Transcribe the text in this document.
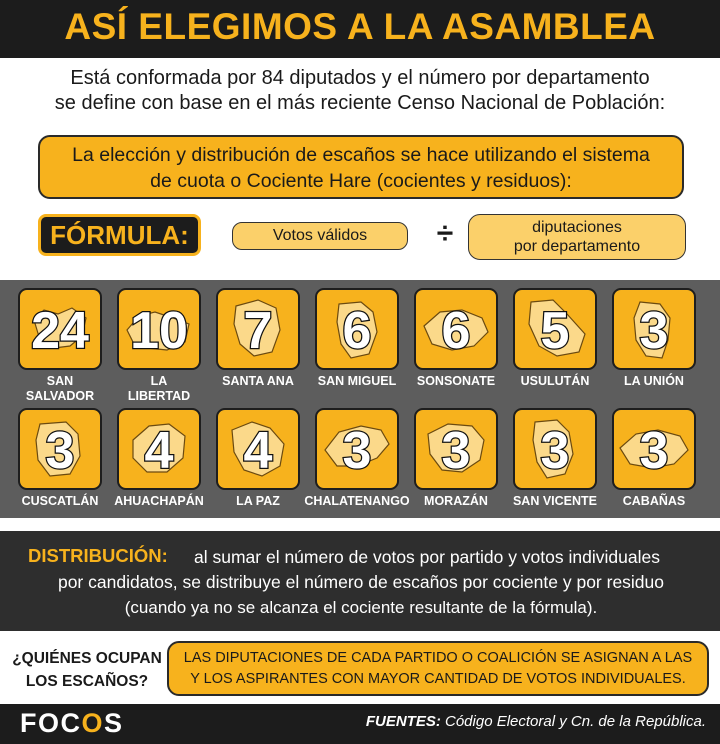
ASÍ ELEGIMOS A LA ASAMBLEA
Está conformada por 84 diputados y el número por departamento
se define con base en el más reciente Censo Nacional de Población:
La elección y distribución de escaños se hace utilizando el sistema
de cuota o Cociente Hare (cocientes y residuos):
FÓRMULA:	Votos válidos	÷	diputaciones
por departamento
24
SAN
SALVADOR
10
LA
LIBERTAD
7
SANTA ANA
6
SAN MIGUEL
6
SONSONATE
5
USULUTÁN
3
LA UNIÓN
3
CUSCATLÁN
4
AHUACHAPÁN
4
LA PAZ
3
CHALATENANGO
3
MORAZÁN
3
SAN VICENTE
3
CABAÑAS
DISTRIBUCIÓN: al sumar el número de votos por partido y votos individuales
por candidatos, se distribuye el número de escaños por cociente y por residuo
(cuando ya no se alcanza el cociente resultante de la fórmula).
¿QUIÉNES OCUPAN
LOS ESCAÑOS?
LAS DIPUTACIONES DE CADA PARTIDO O COALICIÓN SE ASIGNAN A LAS
Y LOS ASPIRANTES CON MAYOR CANTIDAD DE VOTOS INDIVIDUALES.
FOCOS	FUENTES: Código Electoral y Cn. de la República.
